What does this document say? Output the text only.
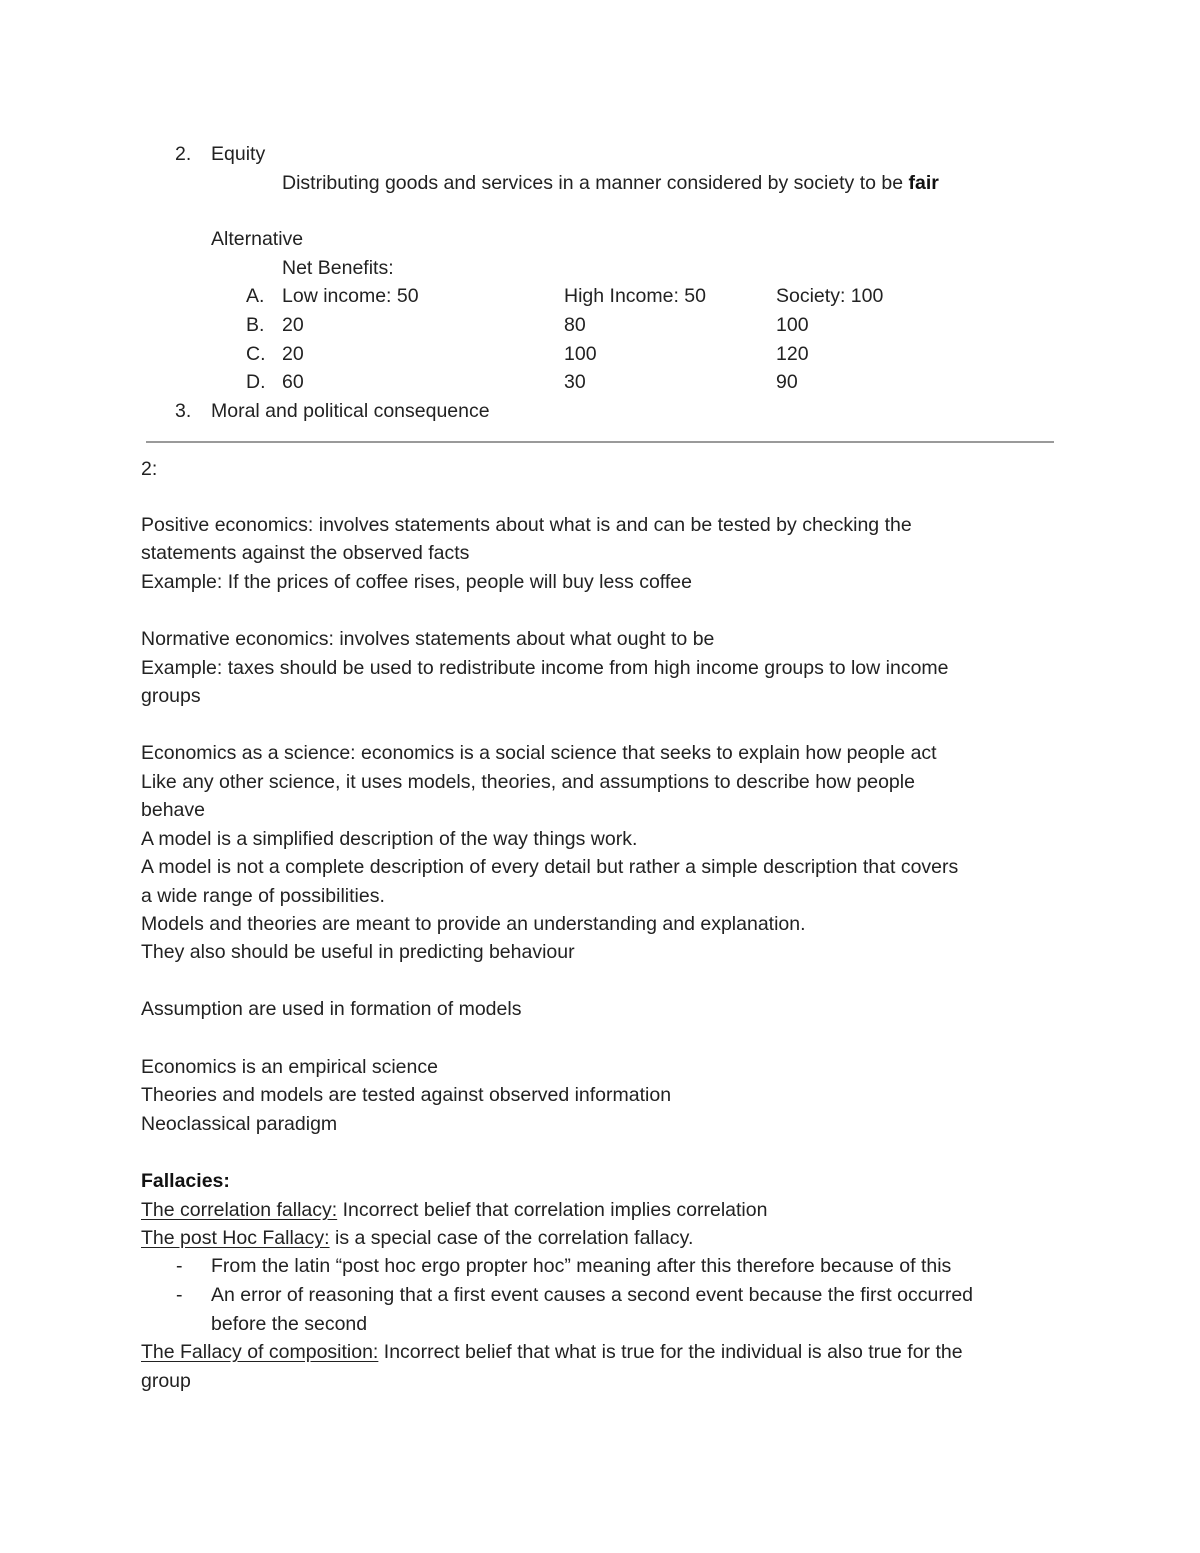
2. Equity
Distributing goods and services in a manner considered by society to be fair
Alternative
Net Benefits:
A. Low income: 50	High Income: 50	Society: 100
B. 20	80	100
C. 20	100	120
D. 60	30	90
3. Moral and political consequence
2:
Positive economics: involves statements about what is and can be tested by checking the
statements against the observed facts
Example: If the prices of coffee rises, people will buy less coffee
Normative economics: involves statements about what ought to be
Example: taxes should be used to redistribute income from high income groups to low income
groups
Economics as a science: economics is a social science that seeks to explain how people act
Like any other science, it uses models, theories, and assumptions to describe how people
behave
A model is a simplified description of the way things work.
A model is not a complete description of every detail but rather a simple description that covers
a wide range of possibilities.
Models and theories are meant to provide an understanding and explanation.
They also should be useful in predicting behaviour
Assumption are used in formation of models
Economics is an empirical science
Theories and models are tested against observed information
Neoclassical paradigm
Fallacies:
The correlation fallacy: Incorrect belief that correlation implies correlation
The post Hoc Fallacy: is a special case of the correlation fallacy.
- From the latin “post hoc ergo propter hoc” meaning after this therefore because of this
- An error of reasoning that a first event causes a second event because the first occurred
before the second
The Fallacy of composition: Incorrect belief that what is true for the individual is also true for the
group
